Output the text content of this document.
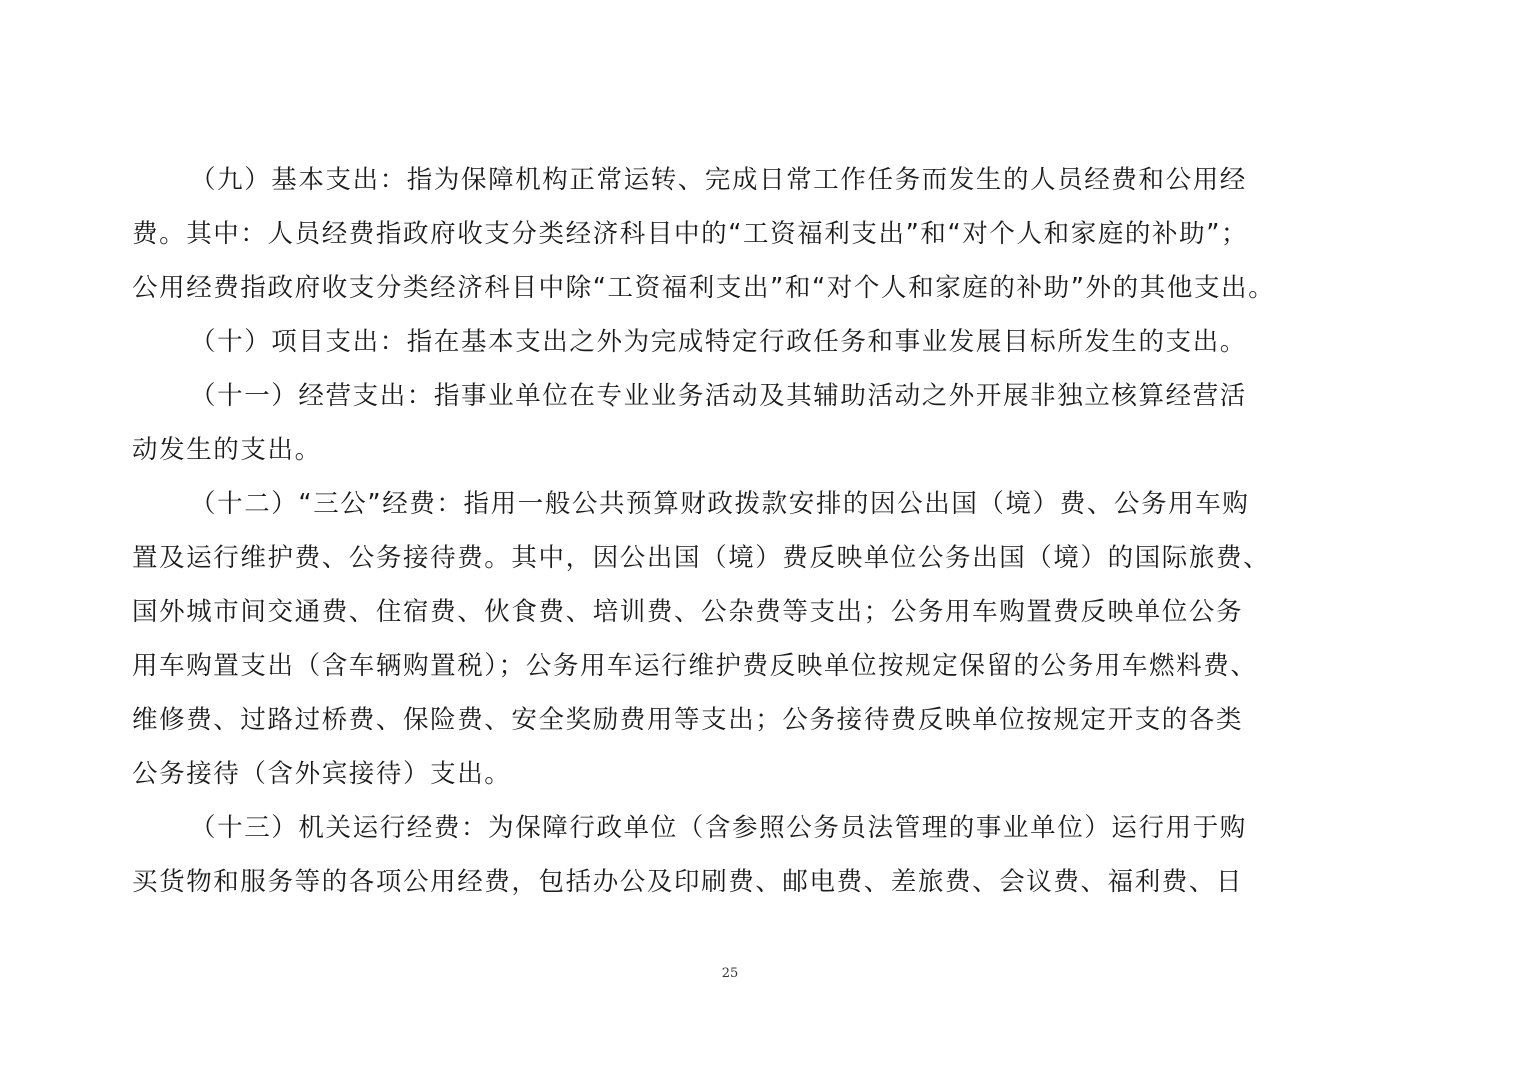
（九）基本支出：指为保障机构正常运转、完成日常工作任务而发生的人员经费和公用经

费。其中：人员经费指政府收支分类经济科目中的“工资福利支出”和“对个人和家庭的补助”；

公用经费指政府收支分类经济科目中除“工资福利支出”和“对个人和家庭的补助”外的其他支出。

（十）项目支出：指在基本支出之外为完成特定行政任务和事业发展目标所发生的支出。

（十一）经营支出：指事业单位在专业业务活动及其辅助活动之外开展非独立核算经营活

动发生的支出。

（十二）“三公”经费：指用一般公共预算财政拨款安排的因公出国（境）费、公务用车购

置及运行维护费、公务接待费。其中，因公出国（境）费反映单位公务出国（境）的国际旅费、

国外城市间交通费、住宿费、伙食费、培训费、公杂费等支出；公务用车购置费反映单位公务

用车购置支出（含车辆购置税）；公务用车运行维护费反映单位按规定保留的公务用车燃料费、

维修费、过路过桥费、保险费、安全奖励费用等支出；公务接待费反映单位按规定开支的各类

公务接待（含外宾接待）支出。

（十三）机关运行经费：为保障行政单位（含参照公务员法管理的事业单位）运行用于购

买货物和服务等的各项公用经费，包括办公及印刷费、邮电费、差旅费、会议费、福利费、日

25
